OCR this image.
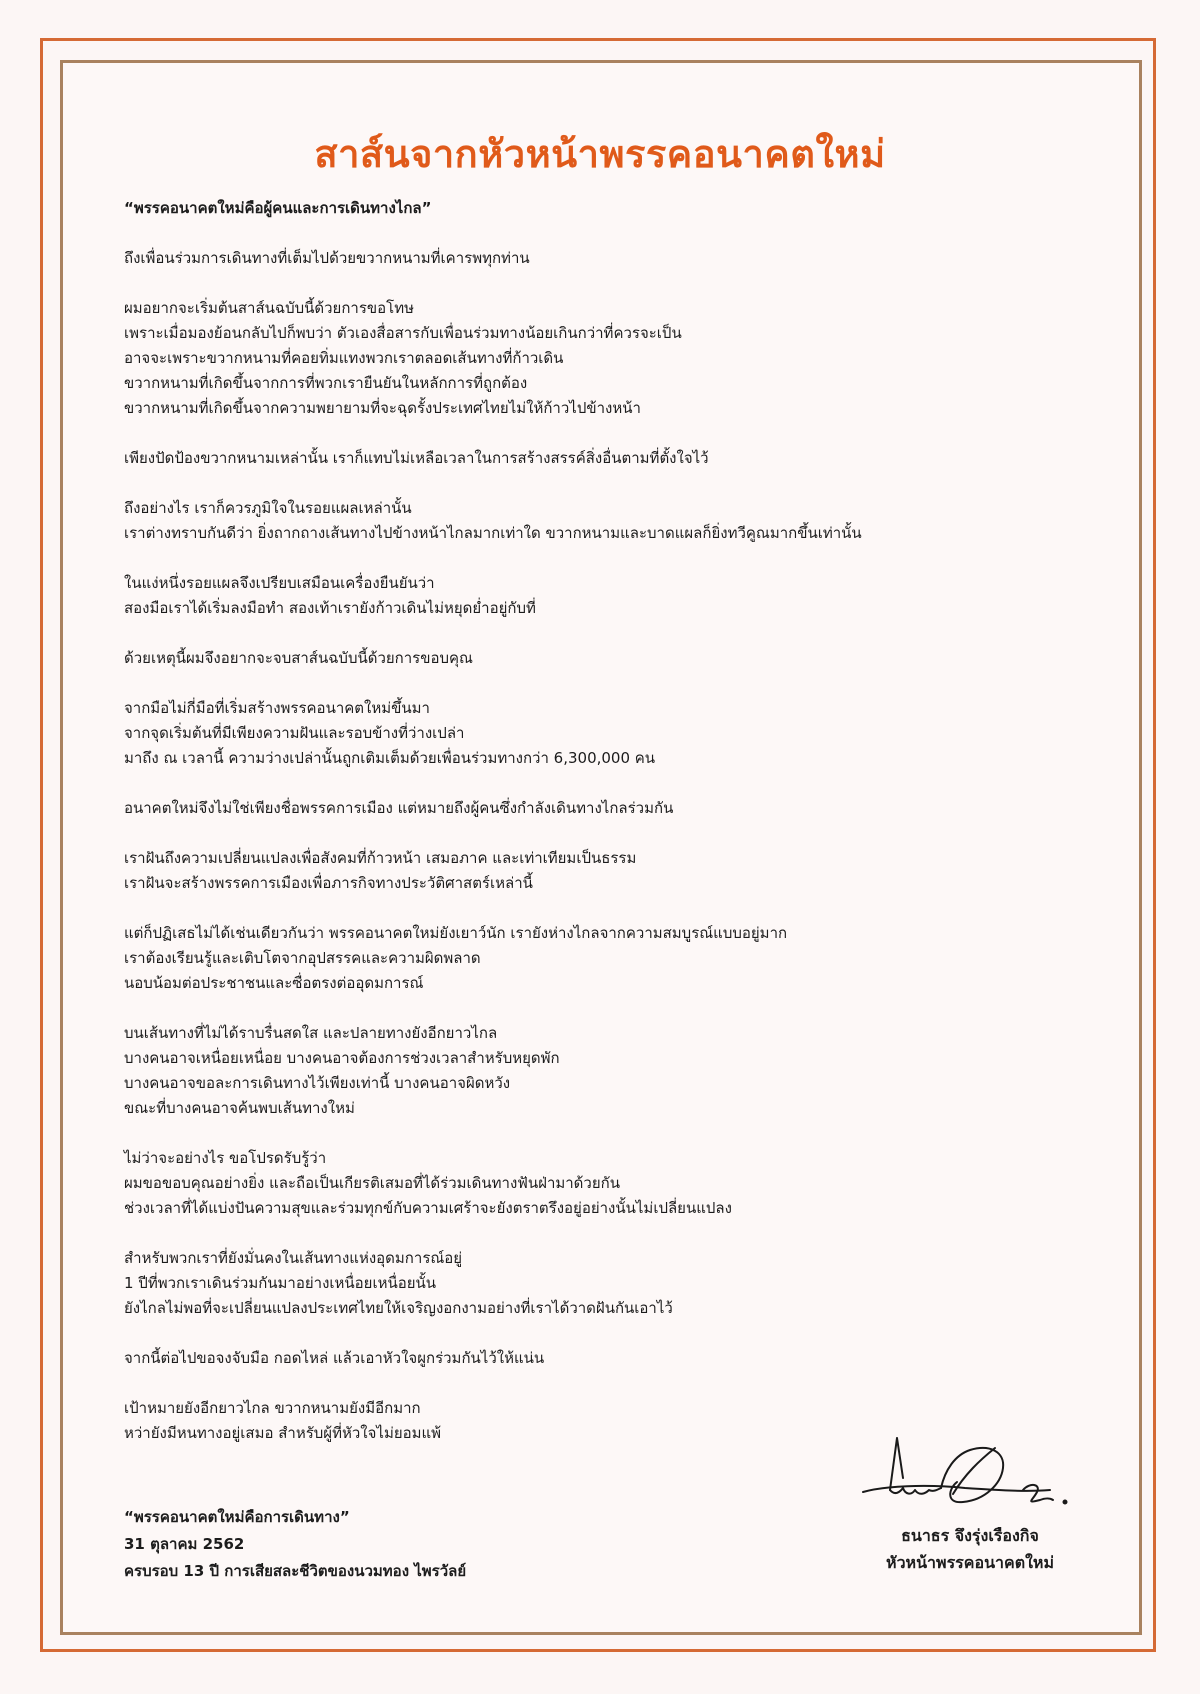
สาส์นจากหัวหน้าพรรคอนาคตใหม่
“พรรคอนาคตใหม่คือผู้คนและการเดินทางไกล”

ถึงเพื่อนร่วมการเดินทางที่เต็มไปด้วยขวากหนามที่เคารพทุกท่าน

ผมอยากจะเริ่มต้นสาส์นฉบับนี้ด้วยการขอโทษ
เพราะเมื่อมองย้อนกลับไปก็พบว่า ตัวเองสื่อสารกับเพื่อนร่วมทางน้อยเกินกว่าที่ควรจะเป็น
อาจจะเพราะขวากหนามที่คอยทิ่มแทงพวกเราตลอดเส้นทางที่ก้าวเดิน
ขวากหนามที่เกิดขึ้นจากการที่พวกเรายืนยันในหลักการที่ถูกต้อง
ขวากหนามที่เกิดขึ้นจากความพยายามที่จะฉุดรั้งประเทศไทยไม่ให้ก้าวไปข้างหน้า

เพียงปัดป้องขวากหนามเหล่านั้น เราก็แทบไม่เหลือเวลาในการสร้างสรรค์สิ่งอื่นตามที่ตั้งใจไว้

ถึงอย่างไร เราก็ควรภูมิใจในรอยแผลเหล่านั้น
เราต่างทราบกันดีว่า ยิ่งถากถางเส้นทางไปข้างหน้าไกลมากเท่าใด ขวากหนามและบาดแผลก็ยิ่งทวีคูณมากขึ้นเท่านั้น

ในแง่หนึ่งรอยแผลจึงเปรียบเสมือนเครื่องยืนยันว่า
สองมือเราได้เริ่มลงมือทำ สองเท้าเรายังก้าวเดินไม่หยุดย่ำอยู่กับที่

ด้วยเหตุนี้ผมจึงอยากจะจบสาส์นฉบับนี้ด้วยการขอบคุณ

จากมือไม่กี่มือที่เริ่มสร้างพรรคอนาคตใหม่ขึ้นมา
จากจุดเริ่มต้นที่มีเพียงความฝันและรอบข้างที่ว่างเปล่า
มาถึง ณ เวลานี้ ความว่างเปล่านั้นถูกเติมเต็มด้วยเพื่อนร่วมทางกว่า 6,300,000 คน

อนาคตใหม่จึงไม่ใช่เพียงชื่อพรรคการเมือง แต่หมายถึงผู้คนซึ่งกำลังเดินทางไกลร่วมกัน

เราฝันถึงความเปลี่ยนแปลงเพื่อสังคมที่ก้าวหน้า เสมอภาค และเท่าเทียมเป็นธรรม
เราฝันจะสร้างพรรคการเมืองเพื่อภารกิจทางประวัติศาสตร์เหล่านี้

แต่ก็ปฏิเสธไม่ได้เช่นเดียวกันว่า พรรคอนาคตใหม่ยังเยาว์นัก เรายังห่างไกลจากความสมบูรณ์แบบอยู่มาก
เราต้องเรียนรู้และเติบโตจากอุปสรรคและความผิดพลาด
นอบน้อมต่อประชาชนและซื่อตรงต่ออุดมการณ์

บนเส้นทางที่ไม่ได้ราบรื่นสดใส และปลายทางยังอีกยาวไกล
บางคนอาจเหนื่อยเหนื่อย บางคนอาจต้องการช่วงเวลาสำหรับหยุดพัก
บางคนอาจขอละการเดินทางไว้เพียงเท่านี้ บางคนอาจผิดหวัง
ขณะที่บางคนอาจค้นพบเส้นทางใหม่

ไม่ว่าจะอย่างไร ขอโปรดรับรู้ว่า
ผมขอขอบคุณอย่างยิ่ง และถือเป็นเกียรติเสมอที่ได้ร่วมเดินทางฟันฝ่ามาด้วยกัน
ช่วงเวลาที่ได้แบ่งปันความสุขและร่วมทุกข์กับความเศร้าจะยังตราตรึงอยู่อย่างนั้นไม่เปลี่ยนแปลง

สำหรับพวกเราที่ยังมั่นคงในเส้นทางแห่งอุดมการณ์อยู่
1 ปีที่พวกเราเดินร่วมกันมาอย่างเหนื่อยเหนื่อยนั้น
ยังไกลไม่พอที่จะเปลี่ยนแปลงประเทศไทยให้เจริญงอกงามอย่างที่เราได้วาดฝันกันเอาไว้

จากนี้ต่อไปขอจงจับมือ กอดไหล่ แล้วเอาหัวใจผูกร่วมกันไว้ให้แน่น

เป้าหมายยังอีกยาวไกล ขวากหนามยังมีอีกมาก
หว่ายังมีหนทางอยู่เสมอ สำหรับผู้ที่หัวใจไม่ยอมแพ้

“พรรคอนาคตใหม่คือการเดินทาง”
31 ตุลาคม 2562
ครบรอบ 13 ปี การเสียสละชีวิตของนวมทอง ไพรวัลย์
ธนาธร จึงรุ่งเรืองกิจ
หัวหน้าพรรคอนาคตใหม่
